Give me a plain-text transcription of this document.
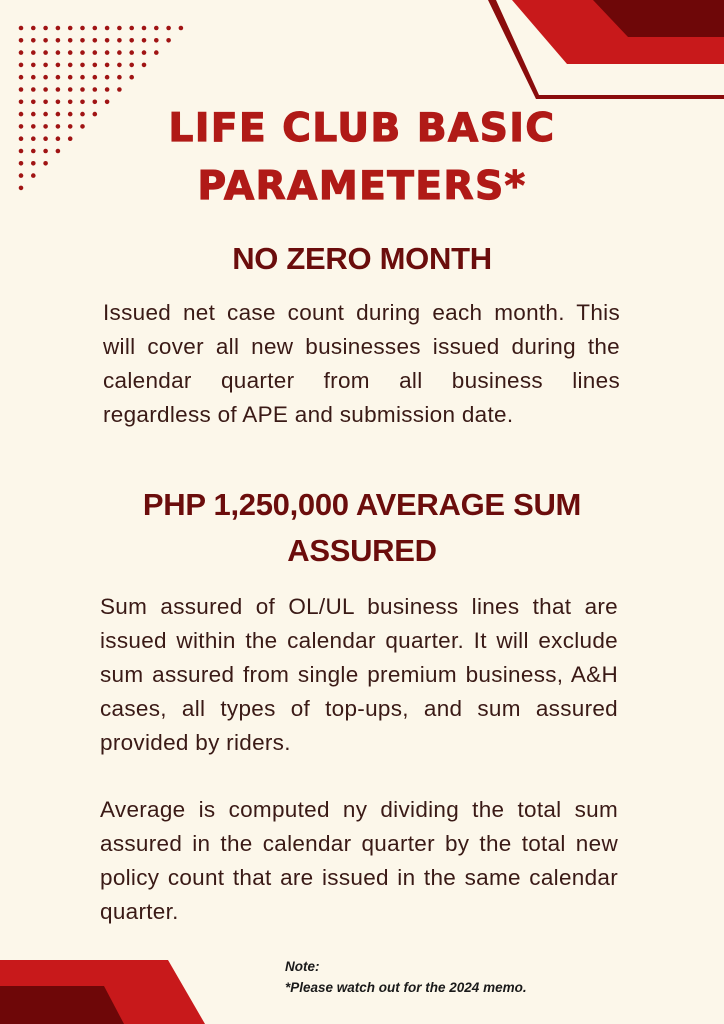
LIFE CLUB BASIC
PARAMETERS*
NO ZERO MONTH

Issued net case count during each month. This will cover all new businesses issued during the calendar quarter from all business lines regardless of APE and submission date.

PHP 1,250,000 AVERAGE SUM
ASSURED

Sum assured of OL/UL business lines that are issued within the calendar quarter. It will exclude sum assured from single premium business, A&H cases, all types of top-ups, and sum assured provided by riders.

Average is computed ny dividing the total sum assured in the calendar quarter by the total new policy count that are issued in the same calendar quarter.

Note:
*Please watch out for the 2024 memo.
